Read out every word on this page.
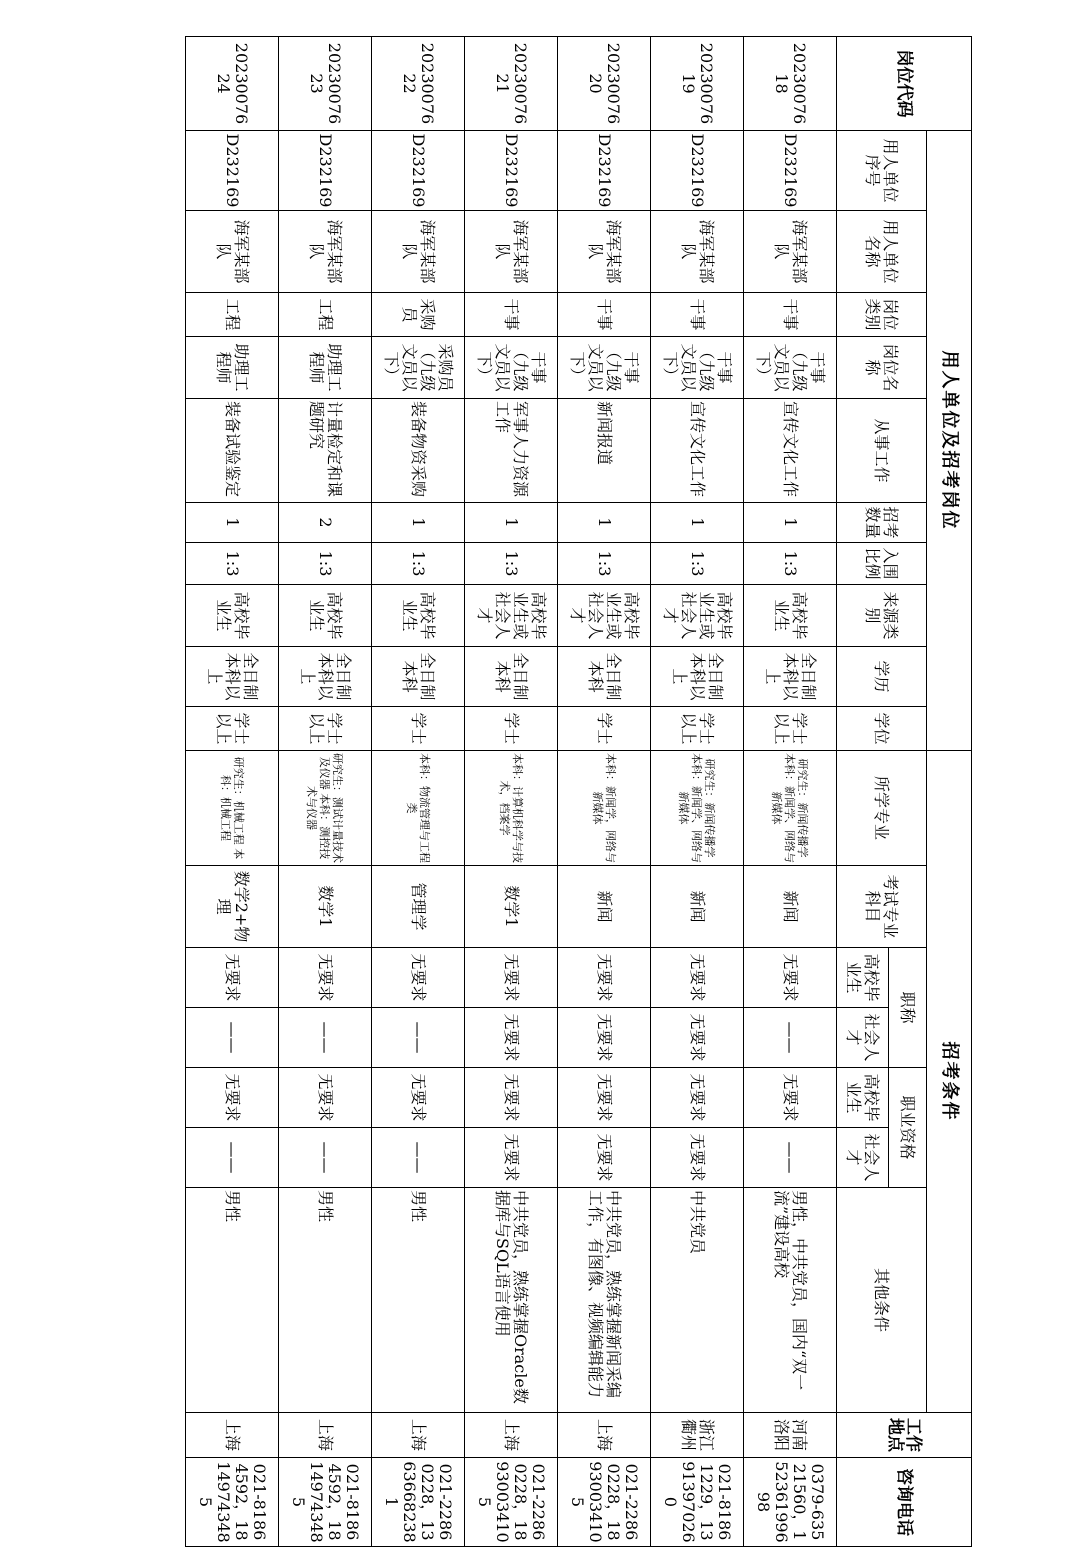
岗位代码	用人单位及招考岗位										招考条件							工作地点	咨询电话
	用人单位序号	用人单位名称	岗位类别	岗位名称	从事工作	招考数量	入围比例	来源类别	学历	学位	所学专业	考试专业科目	职称		职业资格		其他条件		
													高校毕业生	社会人才	高校毕业生	社会人才			
2023007618	D232169	海军某部队	干事	干事（九级文员以下）	宣传文化工作	1	1:3	高校毕业生	全日制本科以上	学士以上	研究生：新闻传播学 本科：新闻学、网络与新媒体	新闻	无要求	——	无要求	——	男性，中共党员，国内“双一流”建设高校	河南洛阳	0379-63521560，15236199698
2023007619	D232169	海军某部队	干事	干事（九级文员以下）	宣传文化工作	1	1:3	高校毕业生或社会人才	全日制本科以上	学士以上	研究生：新闻传播学 本科：新闻学、网络与新媒体	新闻	无要求	无要求	无要求	无要求	中共党员	浙江衢州	021-81861229，13913970260
2023007620	D232169	海军某部队	干事	干事（九级文员以下）	新闻报道	1	1:3	高校毕业生或社会人才	全日制本科	学士	本科：新闻学，网络与新媒体	新闻	无要求	无要求	无要求	无要求	中共党员，熟练掌握新闻采编工作，有图像、视频编辑能力	上海	021-22860228，18930034105
2023007621	D232169	海军某部队	干事	干事（九级文员以下）	军事人力资源工作	1	1:3	高校毕业生或社会人才	全日制本科	学士	本科：计算机科学与技术，档案学	数学1	无要求	无要求	无要求	无要求	中共党员，熟练掌握Oracle数据库与SQL语言使用	上海	021-22860228，18930034105
2023007622	D232169	海军某部队	采购员	采购员（九级文员以下）	装备物资采购	1	1:3	高校毕业生	全日制本科	学士	本科：物流管理与工程类	管理学	无要求	——	无要求	——	男性	上海	021-22860228，13636682381
2023007623	D232169	海军某部队	工程	助理工程师	计量检定和课题研究	2	1:3	高校毕业生	全日制本科以上	学士以上	研究生：测试计量技术及仪器 本科：测控技术与仪器	数学1	无要求	——	无要求	——	男性	上海	021-81864592，18149743485
2023007624	D232169	海军某部队	工程	助理工程师	装备试验鉴定	1	1:3	高校毕业生	全日制本科以上	学士以上	研究生：机械工程 本科：机械工程	数学2+物理	无要求	——	无要求	——	男性	上海	021-81864592，18149743485
